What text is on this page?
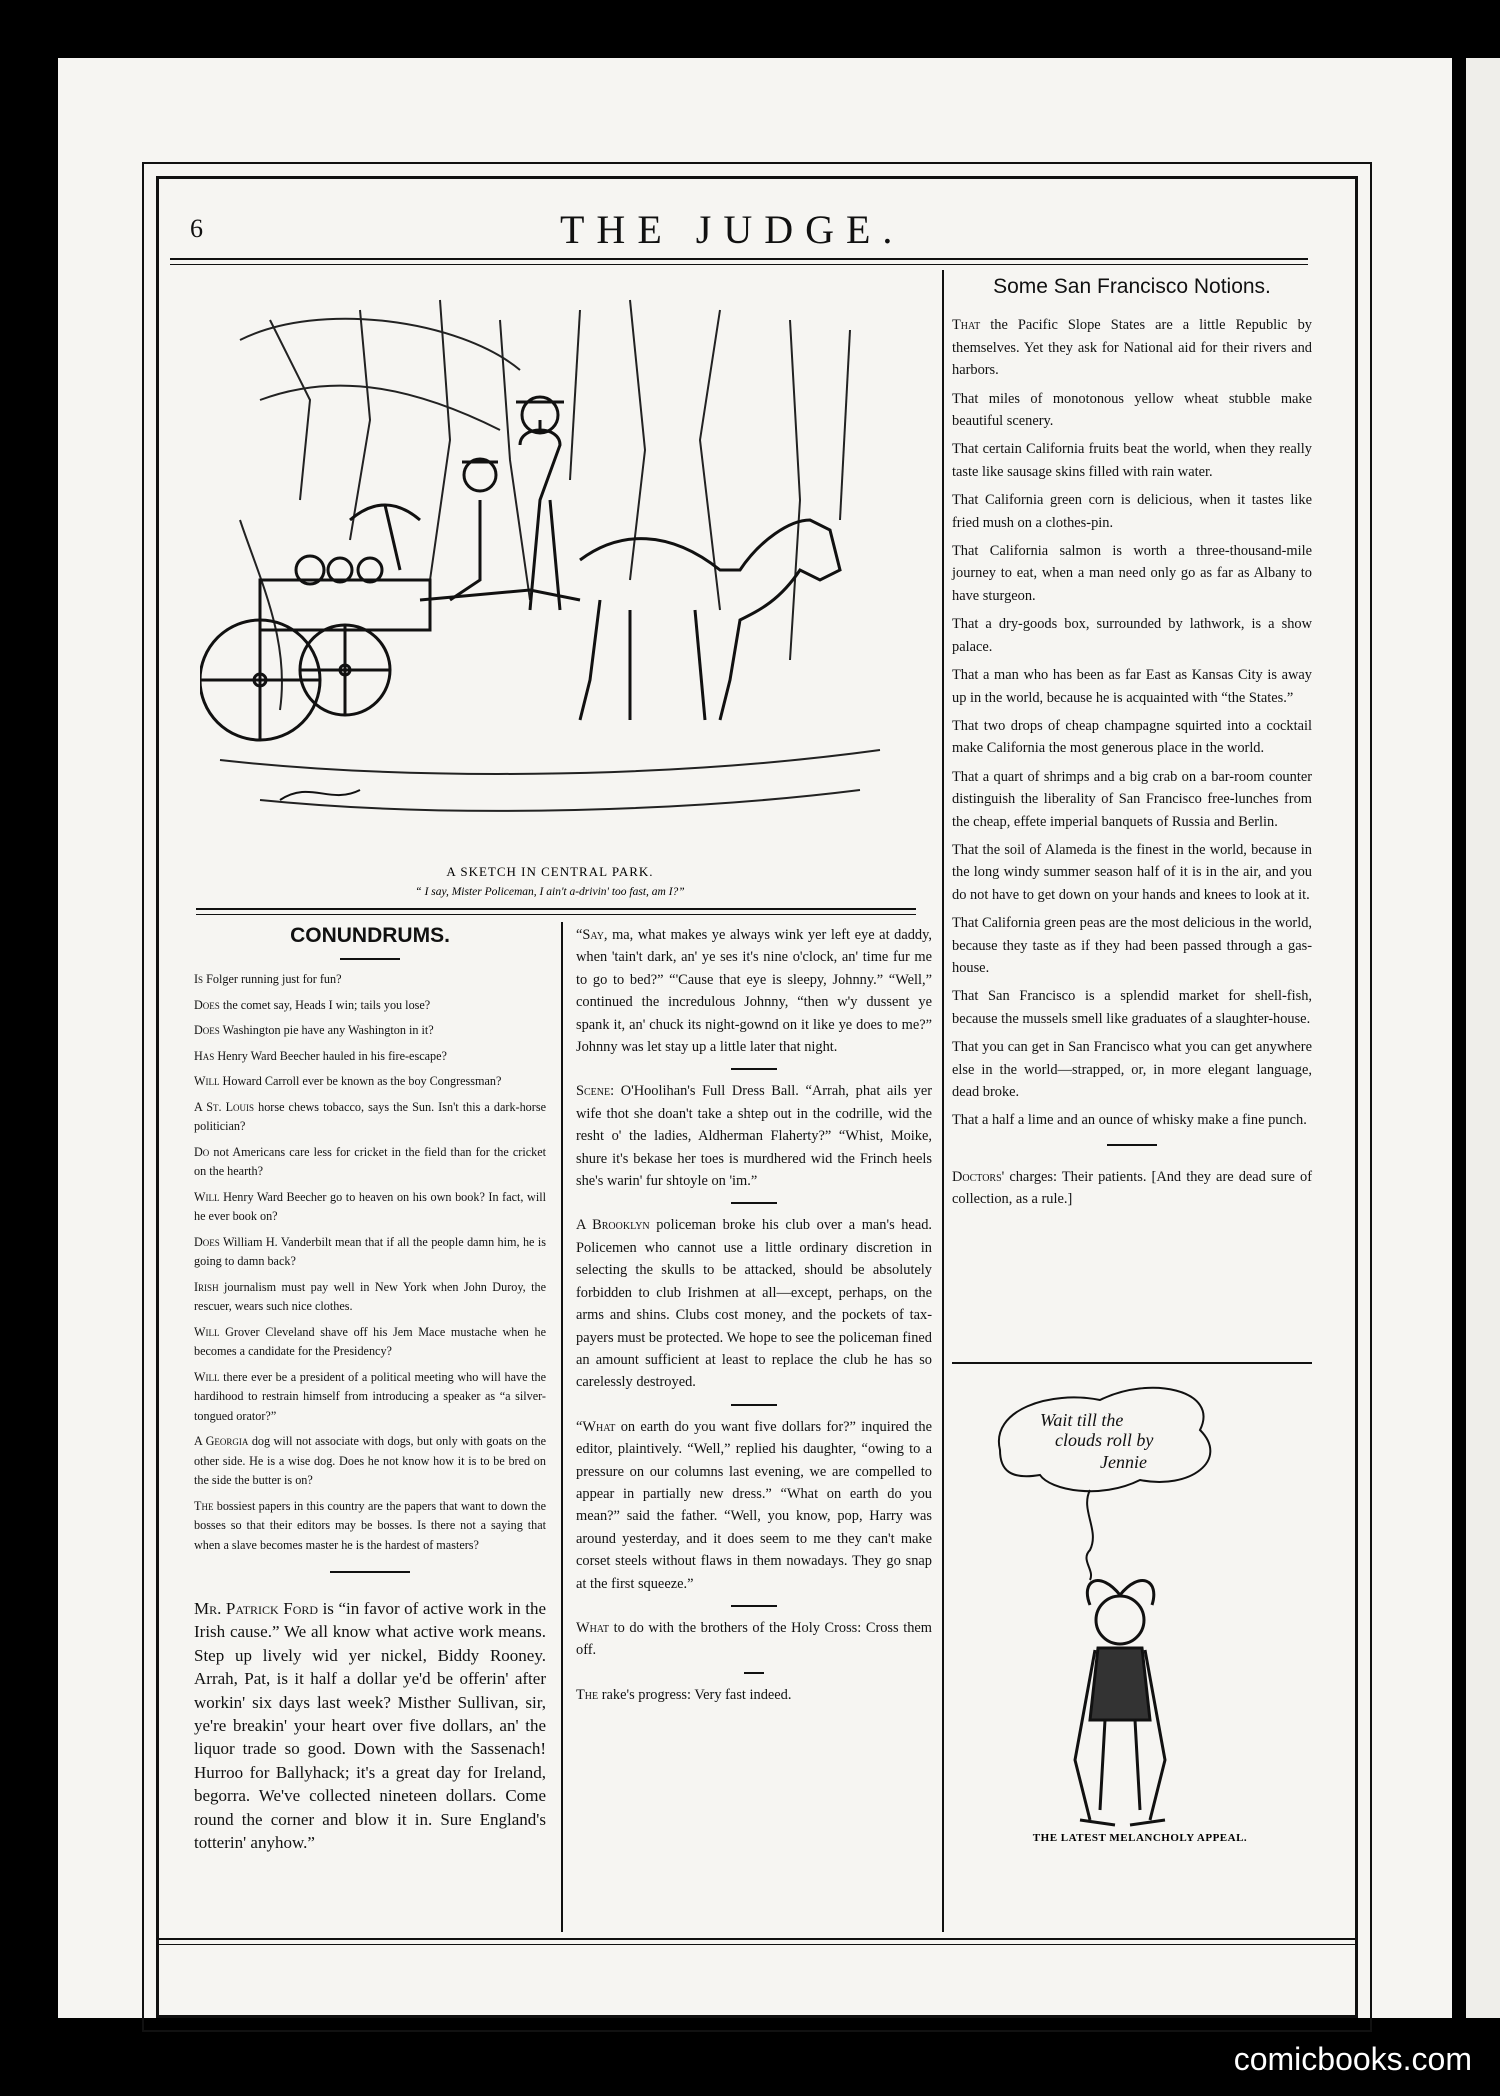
6	THE JUDGE.
A SKETCH IN CENTRAL PARK.
“ I say, Mister Policeman, I ain't a-drivin' too fast, am I?”
CONUNDRUMS.

Is Folger running just for fun?

Does the comet say, Heads I win; tails you lose?

Does Washington pie have any Washington in it?

Has Henry Ward Beecher hauled in his fire-escape?

Will Howard Carroll ever be known as the boy Congressman?

A St. Louis horse chews tobacco, says the Sun. Isn't this a dark-horse politician?

Do not Americans care less for cricket in the field than for the cricket on the hearth?

Will Henry Ward Beecher go to heaven on his own book? In fact, will he ever book on?

Does William H. Vanderbilt mean that if all the people damn him, he is going to damn back?

Irish journalism must pay well in New York when John Duroy, the rescuer, wears such nice clothes.

Will Grover Cleveland shave off his Jem Mace mustache when he becomes a candidate for the Presidency?

Will there ever be a president of a political meeting who will have the hardihood to restrain himself from introducing a speaker as “a silver-tongued orator?”

A Georgia dog will not associate with dogs, but only with goats on the other side. He is a wise dog. Does he not know how it is to be bred on the side the butter is on?

The bossiest papers in this country are the papers that want to down the bosses so that their editors may be bosses. Is there not a saying that when a slave becomes master he is the hardest of masters?

Mr. Patrick Ford is “in favor of active work in the Irish cause.” We all know what active work means. Step up lively wid yer nickel, Biddy Rooney. Arrah, Pat, is it half a dollar ye'd be offerin' after workin' six days last week? Misther Sullivan, sir, ye're breakin' your heart over five dollars, an' the liquor trade so good. Down with the Sassenach! Hurroo for Ballyhack; it's a great day for Ireland, begorra. We've collected nineteen dollars. Come round the corner and blow it in. Sure England's totterin' anyhow.”

“Say, ma, what makes ye always wink yer left eye at daddy, when 'tain't dark, an' ye ses it's nine o'clock, an' time fur me to go to bed?” “'Cause that eye is sleepy, Johnny.” “Well,” continued the incredulous Johnny, “then w'y dussent ye spank it, an' chuck its night-gownd on it like ye does to me?” Johnny was let stay up a little later that night.

Scene: O'Hoolihan's Full Dress Ball. “Arrah, phat ails yer wife thot she doan't take a shtep out in the codrille, wid the resht o' the ladies, Aldherman Flaherty?” “Whist, Moike, shure it's bekase her toes is murdhered wid the Frinch heels she's warin' fur shtoyle on 'im.”

A Brooklyn policeman broke his club over a man's head. Policemen who cannot use a little ordinary discretion in selecting the skulls to be attacked, should be absolutely forbidden to club Irishmen at all—except, perhaps, on the arms and shins. Clubs cost money, and the pockets of tax-payers must be protected. We hope to see the policeman fined an amount sufficient at least to replace the club he has so carelessly destroyed.

“What on earth do you want five dollars for?” inquired the editor, plaintively. “Well,” replied his daughter, “owing to a pressure on our columns last evening, we are compelled to appear in partially new dress.” “What on earth do you mean?” said the father. “Well, you know, pop, Harry was around yesterday, and it does seem to me they can't make corset steels without flaws in them nowadays. They go snap at the first squeeze.”

What to do with the brothers of the Holy Cross: Cross them off.

The rake's progress: Very fast indeed.

Some San Francisco Notions.

That the Pacific Slope States are a little Republic by themselves. Yet they ask for National aid for their rivers and harbors.

That miles of monotonous yellow wheat stubble make beautiful scenery.

That certain California fruits beat the world, when they really taste like sausage skins filled with rain water.

That California green corn is delicious, when it tastes like fried mush on a clothes-pin.

That California salmon is worth a three-thousand-mile journey to eat, when a man need only go as far as Albany to have sturgeon.

That a dry-goods box, surrounded by lathwork, is a show palace.

That a man who has been as far East as Kansas City is away up in the world, because he is acquainted with “the States.”

That two drops of cheap champagne squirted into a cocktail make California the most generous place in the world.

That a quart of shrimps and a big crab on a bar-room counter distinguish the liberality of San Francisco free-lunches from the cheap, effete imperial banquets of Russia and Berlin.

That the soil of Alameda is the finest in the world, because in the long windy summer season half of it is in the air, and you do not have to get down on your hands and knees to look at it.

That California green peas are the most delicious in the world, because they taste as if they had been passed through a gas-house.

That San Francisco is a splendid market for shell-fish, because the mussels smell like graduates of a slaughter-house.

That you can get in San Francisco what you can get anywhere else in the world—strapped, or, in more elegant language, dead broke.

That a half a lime and an ounce of whisky make a fine punch.

Doctors' charges: Their patients. [And they are dead sure of collection, as a rule.]

Wait till the
clouds roll by
Jennie
THE LATEST MELANCHOLY APPEAL.
comicbooks.com
